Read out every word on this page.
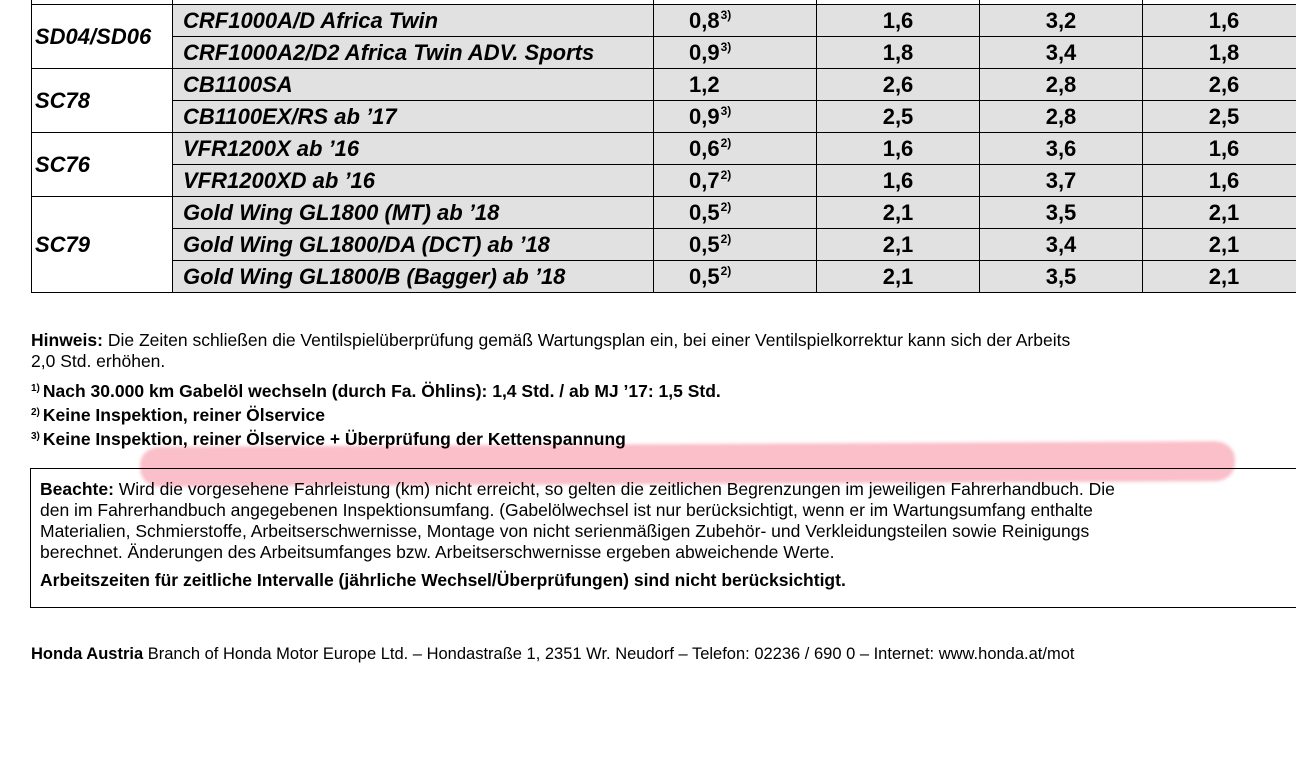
SD04/SD06	CRF1000A/D Africa Twin	0,8$^{3)}$	1,6	3,2	1,6	
	CRF1000A2/D2 Africa Twin ADV. Sports	0,9$^{3)}$	1,8	3,4	1,8	
SC78	CB1100SA	1,2	2,6	2,8	2,6	
	CB1100EX/RS ab ’17	0,9$^{3)}$	2,5	2,8	2,5	
SC76	VFR1200X ab ’16	0,6$^{2)}$	1,6	3,6	1,6	
	VFR1200XD ab ’16	0,7$^{2)}$	1,6	3,7	1,6	
SC79	Gold Wing GL1800 (MT) ab ’18	0,5$^{2)}$	2,1	3,5	2,1	
	Gold Wing GL1800/DA (DCT) ab ’18	0,5$^{2)}$	2,1	3,4	2,1	
	Gold Wing GL1800/B (Bagger) ab ’18	0,5$^{2)}$	2,1	3,5	2,1	

Hinweis: Die Zeiten schließen die Ventilspielüberprüfung gemäß Wartungsplan ein, bei einer Ventilspielkorrektur kann sich der Arbeits

2,0 Std. erhöhen.

$^{1)}$ Nach 30.000 km Gabelöl wechseln (durch Fa. Öhlins): 1,4 Std. / ab MJ ’17: 1,5 Std.

$^{2)}$ Keine Inspektion, reiner Ölservice

$^{3)}$ Keine Inspektion, reiner Ölservice + Überprüfung der Kettenspannung

Beachte: Wird die vorgesehene Fahrleistung (km) nicht erreicht, so gelten die zeitlichen Begrenzungen im jeweiligen Fahrerhandbuch. Die

den im Fahrerhandbuch angegebenen Inspektionsumfang. (Gabelölwechsel ist nur berücksichtigt, wenn er im Wartungsumfang enthalte

Materialien, Schmierstoffe, Arbeitserschwernisse, Montage von nicht serienmäßigen Zubehör- und Verkleidungsteilen sowie Reinigungs

berechnet. Änderungen des Arbeitsumfanges bzw. Arbeitserschwernisse ergeben abweichende Werte.

Arbeitszeiten für zeitliche Intervalle (jährliche Wechsel/Überprüfungen) sind nicht berücksichtigt.

Honda Austria Branch of Honda Motor Europe Ltd. – Hondastraße 1, 2351 Wr. Neudorf – Telefon: 02236 / 690 0 – Internet: www.honda.at/mot
